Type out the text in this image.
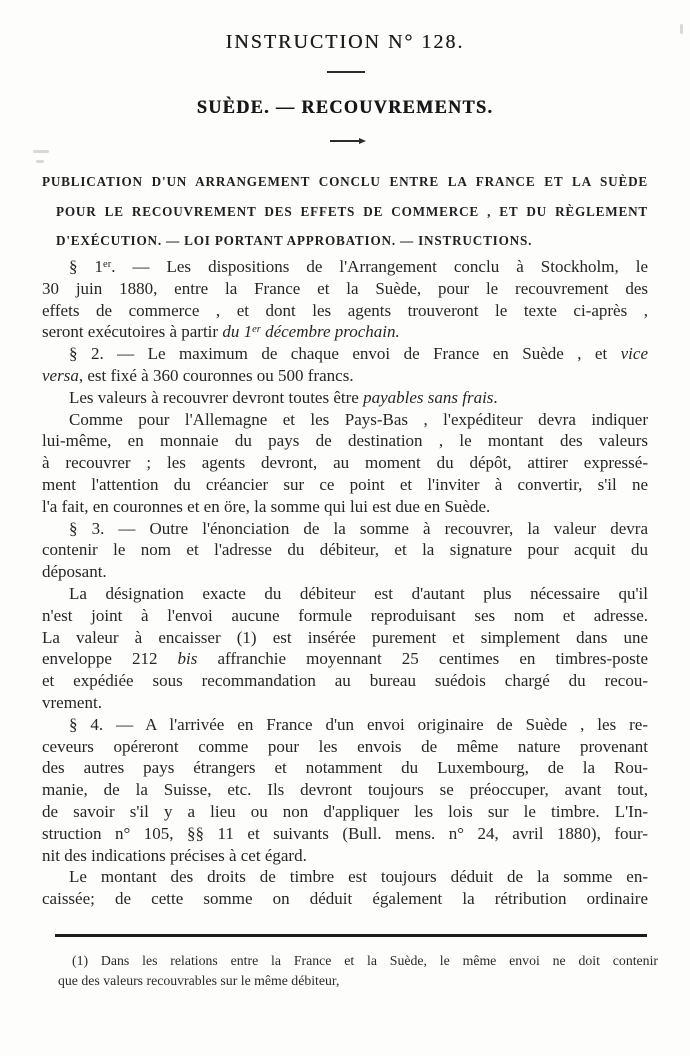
INSTRUCTION N° 128.
SUÈDE. — RECOUVREMENTS.
PUBLICATION D'UN ARRANGEMENT CONCLU ENTRE LA FRANCE ET LA SUÈDE
POUR LE RECOUVREMENT DES EFFETS DE COMMERCE , ET DU RÈGLEMENT
D'EXÉCUTION. — LOI PORTANT APPROBATION. — INSTRUCTIONS.
§ 1er. — Les dispositions de l'Arrangement conclu à Stockholm, le
30 juin 1880, entre la France et la Suède, pour le recouvrement des
effets de commerce , et dont les agents trouveront le texte ci-après ,
seront exécutoires à partir du 1er décembre prochain.
§ 2. — Le maximum de chaque envoi de France en Suède , et vice
versa, est fixé à 360 couronnes ou 500 francs.
Les valeurs à recouvrer devront toutes être payables sans frais.
Comme pour l'Allemagne et les Pays-Bas , l'expéditeur devra indiquer
lui-même, en monnaie du pays de destination , le montant des valeurs
à recouvrer ; les agents devront, au moment du dépôt, attirer expressé-
ment l'attention du créancier sur ce point et l'inviter à convertir, s'il ne
l'a fait, en couronnes et en öre, la somme qui lui est due en Suède.
§ 3. — Outre l'énonciation de la somme à recouvrer, la valeur devra
contenir le nom et l'adresse du débiteur, et la signature pour acquit du
déposant.
La désignation exacte du débiteur est d'autant plus nécessaire qu'il
n'est joint à l'envoi aucune formule reproduisant ses nom et adresse.
La valeur à encaisser (1) est insérée purement et simplement dans une
enveloppe 212 bis affranchie moyennant 25 centimes en timbres-poste
et expédiée sous recommandation au bureau suédois chargé du recou-
vrement.
§ 4. — A l'arrivée en France d'un envoi originaire de Suède , les re-
ceveurs opéreront comme pour les envois de même nature provenant
des autres pays étrangers et notamment du Luxembourg, de la Rou-
manie, de la Suisse, etc. Ils devront toujours se préoccuper, avant tout,
de savoir s'il y a lieu ou non d'appliquer les lois sur le timbre. L'In-
struction n° 105, §§ 11 et suivants (Bull. mens. n° 24, avril 1880), four-
nit des indications précises à cet égard.
Le montant des droits de timbre est toujours déduit de la somme en-
caissée; de cette somme on déduit également la rétribution ordinaire
(1) Dans les relations entre la France et la Suède, le même envoi ne doit contenir
que des valeurs recouvrables sur le même débiteur,
